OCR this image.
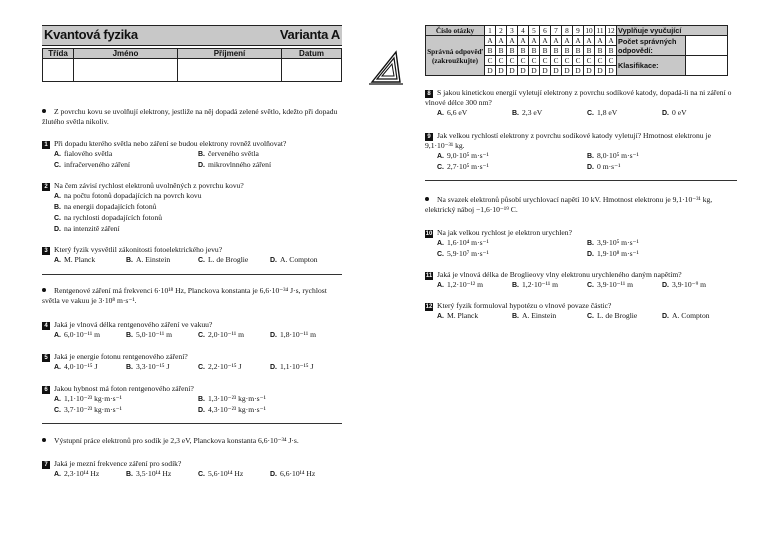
Kvantová fyzika	Varianta A
Třída	Jméno	Příjmení	Datum

Z povrchu kovu se uvolňují elektrony, jestliže na něj dopadá zelené světlo, kdežto při dopadu žlutého světla nikoliv.
1 Při dopadu kterého světla nebo záření se budou elektrony rovněž uvolňovat?
A. fialového světla	B. červeného světla
C. infračerveného záření	D. mikrovlnného záření
2 Na čem závisí rychlost elektronů uvolněných z povrchu kovu?
A. na počtu fotonů dopadajících na povrch kovu
B. na energii dopadajících fotonů
C. na rychlosti dopadajících fotonů
D. na intenzitě záření
3 Který fyzik vysvětlil zákonitosti fotoelektrického jevu?
A. M. Planck	B. A. Einstein	C. L. de Broglie	D. A. Compton
Rentgenové záření má frekvenci 6·10¹⁸ Hz, Planckova konstanta je 6,6·10⁻³⁴ J·s, rychlost světla ve vakuu je 3·10⁸ m·s⁻¹.
4 Jaká je vlnová délka rentgenového záření ve vakuu?
A. 6,0·10⁻¹¹ m	B. 5,0·10⁻¹¹ m	C. 2,0·10⁻¹¹ m	D. 1,8·10⁻¹¹ m
5 Jaká je energie fotonu rentgenového záření?
A. 4,0·10⁻¹⁵ J	B. 3,3·10⁻¹⁵ J	C. 2,2·10⁻¹⁵ J	D. 1,1·10⁻¹⁵ J
6 Jakou hybnost má foton rentgenového záření?
A. 1,1·10⁻²³ kg·m·s⁻¹	B. 1,3·10⁻²³ kg·m·s⁻¹
C. 3,7·10⁻²³ kg·m·s⁻¹	D. 4,3·10⁻²³ kg·m·s⁻¹
Výstupní práce elektronů pro sodík je 2,3 eV, Planckova konstanta 6,6·10⁻³⁴ J·s.
7 Jaká je mezní frekvence záření pro sodík?
A. 2,3·10¹⁴ Hz	B. 3,5·10¹⁴ Hz	C. 5,6·10¹⁴ Hz	D. 6,6·10¹⁴ Hz
Číslo otázky	1	2	3	4	5	6	7	8	9	10	11	12	Vyplňuje vyučující	
Správná odpověď (zakroužkujte)	A	A	A	A	A	A	A	A	A	A	A	A	Počet správných odpovědí:	
	B	B	B	B	B	B	B	B	B	B	B	B		
	C	C	C	C	C	C	C	C	C	C	C	C	Klasifikace:	
	D	D	D	D	D	D	D	D	D	D	D	D		
8 S jakou kinetickou energií vyletují elektrony z povrchu sodíkové katody, dopadá-li na ni záření o vlnové délce 300 nm?
A. 6,6 eV	B. 2,3 eV	C. 1,8 eV	D. 0 eV
9 Jak velkou rychlostí elektrony z povrchu sodíkové katody vyletují? Hmotnost elektronu je 9,1·10⁻³¹ kg.
A. 9,0·10⁵ m·s⁻¹	B. 8,0·10⁵ m·s⁻¹
C. 2,7·10⁵ m·s⁻¹	D. 0 m·s⁻¹
Na svazek elektronů působí urychlovací napětí 10 kV. Hmotnost elektronu je 9,1·10⁻³¹ kg, elektrický náboj −1,6·10⁻¹⁹ C.
10 Na jak velkou rychlost je elektron urychlen?
A. 1,6·10⁴ m·s⁻¹	B. 3,9·10⁵ m·s⁻¹
C. 5,9·10⁷ m·s⁻¹	D. 1,9·10⁸ m·s⁻¹
11 Jaká je vlnová délka de Broglieovy vlny elektronu urychleného daným napětím?
A. 1,2·10⁻¹² m	B. 1,2·10⁻¹¹ m	C. 3,9·10⁻¹¹ m	D. 3,9·10⁻⁹ m
12 Který fyzik formuloval hypotézu o vlnové povaze částic?
A. M. Planck	B. A. Einstein	C. L. de Broglie	D. A. Compton
